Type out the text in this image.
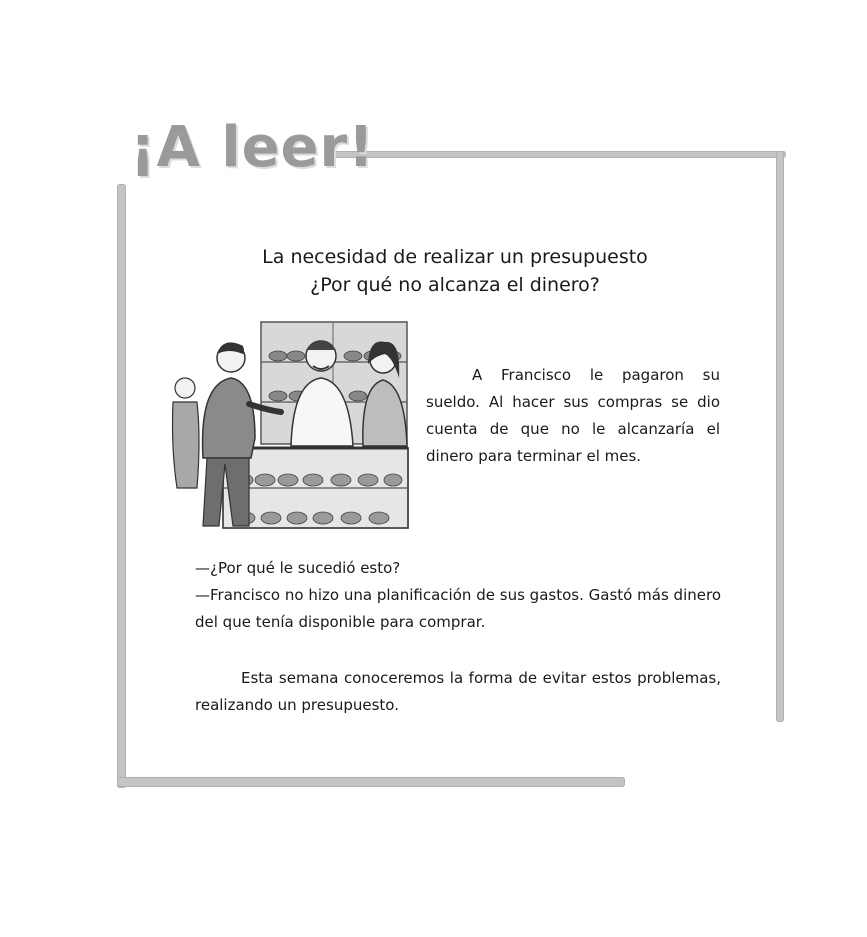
¡A leer!
La necesidad de realizar un presupuesto
¿Por qué no alcanza el dinero?

A Francisco le pagaron su sueldo. Al hacer sus compras se dio cuenta de que no le alcanzaría el dinero para terminar el mes.

—¿Por qué le sucedió esto?
—Francisco no hizo una planificación de sus gastos. Gastó más dinero del que tenía disponible para comprar.

Esta semana conoceremos la forma de evitar estos problemas, realizando un presupuesto.
